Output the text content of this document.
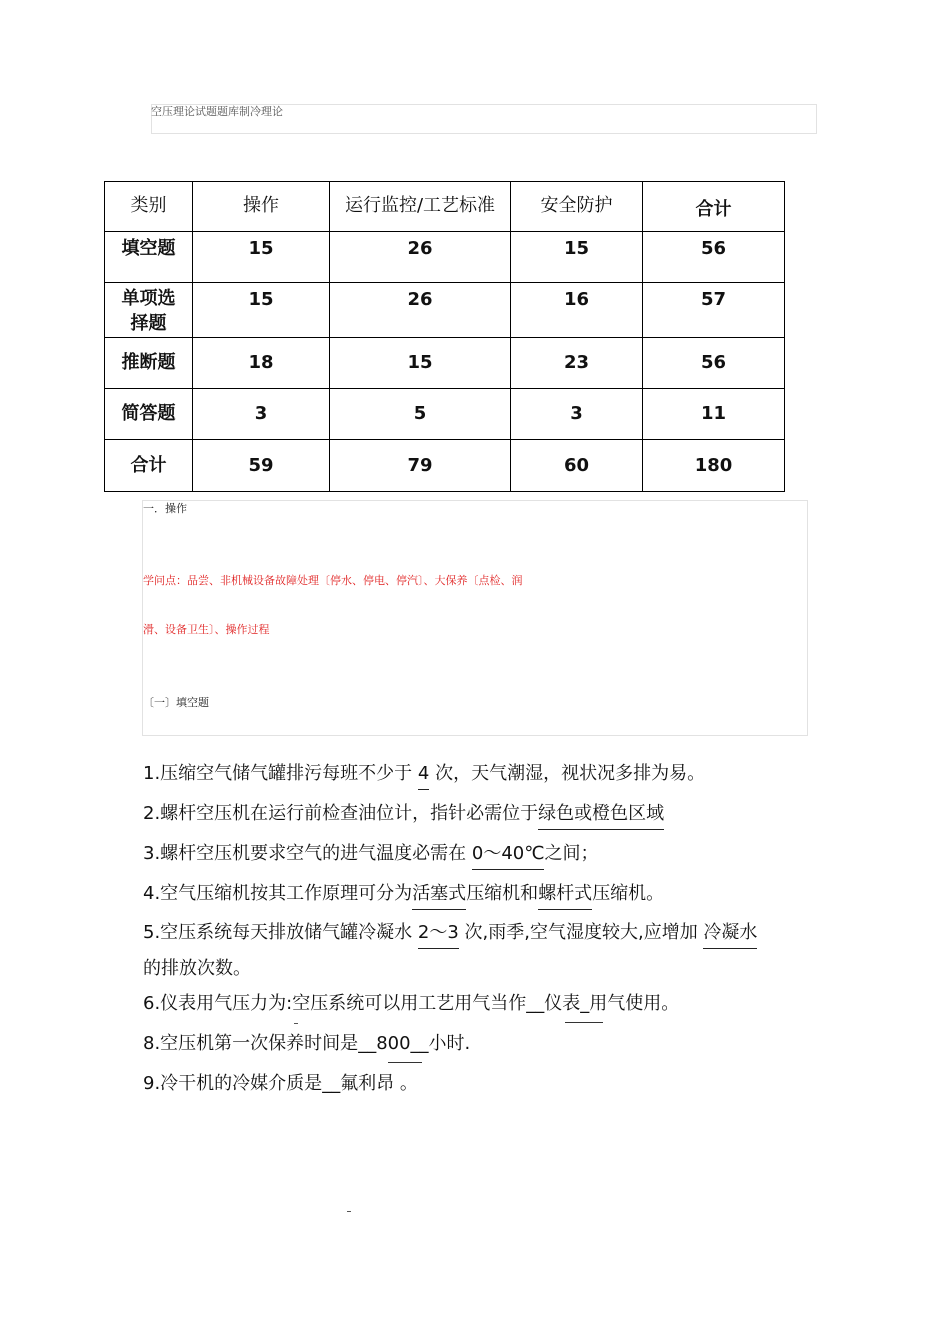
空压理论试题题库制冷理论
类别	操作	运行监控/工艺标准	安全防护	合计
填空题	15	26	15	56

单项选
择题	15	26	16	57
推断题	18	15	23	56
简答题	3	5	3	11
合计	59	79	60	180
一．操作
学问点：品尝、非机械设备故障处理〔停水、停电、停汽〕、大保养〔点检、润
滑、设备卫生〕、操作过程
〔一〕填空题
1.压缩空气储气罐排污每班不少于 4 次，天气潮湿，视状况多排为易。
2.螺杆空压机在运行前检查油位计，指针必需位于绿色或橙色区域
3.螺杆空压机要求空气的进气温度必需在 0～40℃之间；
4.空气压缩机按其工作原理可分为活塞式压缩机和螺杆式压缩机。
5.空压系统每天排放储气罐冷凝水 2～3 次,雨季,空气湿度较大,应增加 冷凝水
的排放次数。
6.仪表用气压力为:空压系统可以用工艺用气当作__仪表_用气使用。
8.空压机第一次保养时间是__800__小时.
9.冷干机的冷媒介质是__氟利昂 。
